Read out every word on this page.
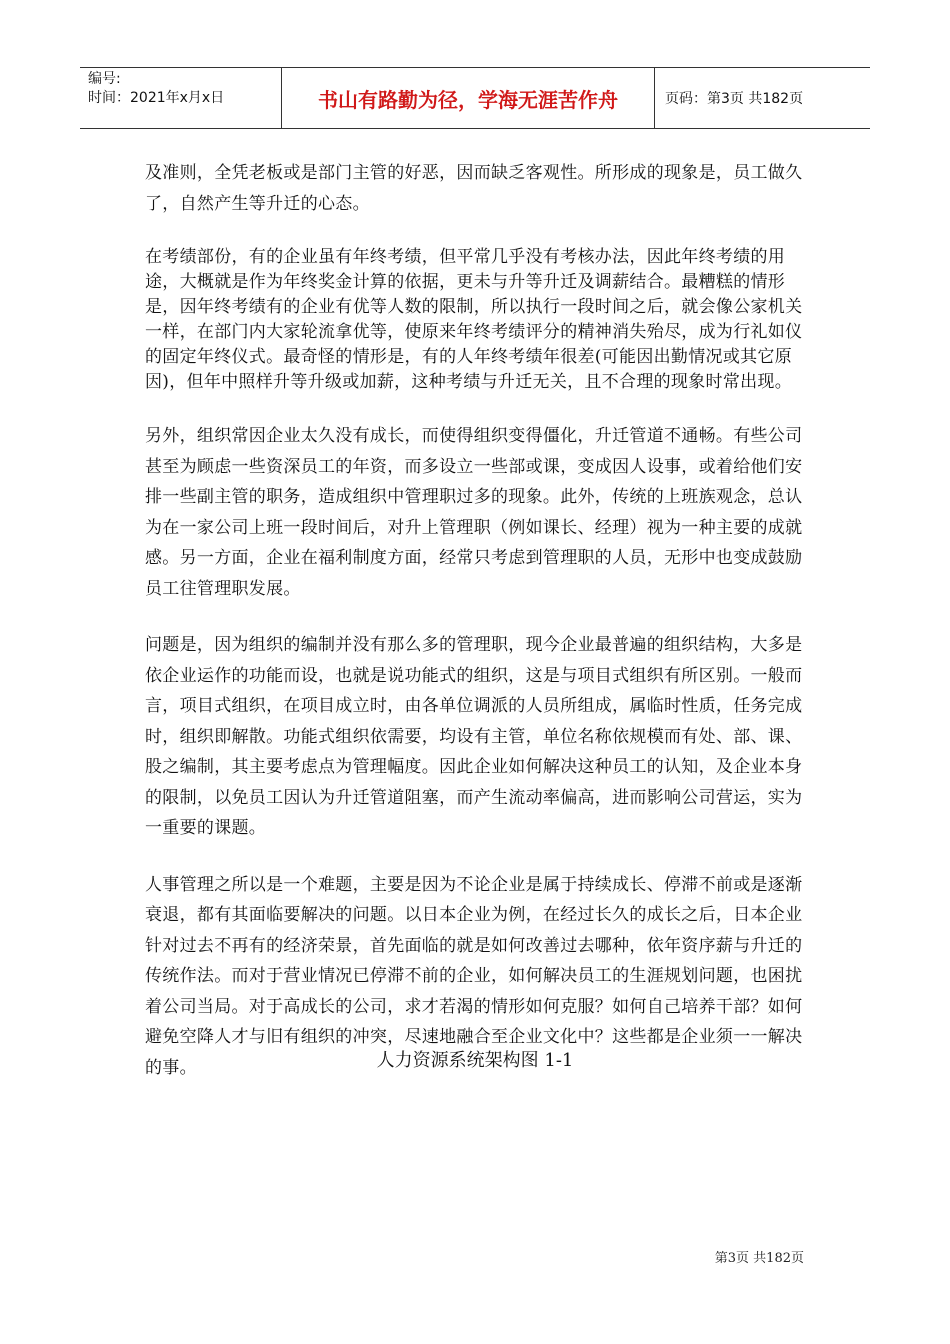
编号:
时间：2021年x月x日	书山有路勤为径，学海无涯苦作舟	页码：第3页 共182页

及准则，全凭老板或是部门主管的好恶，因而缺乏客观性。所形成的现象是，员工做久了，自然产生等升迁的心态。

在考绩部份，有的企业虽有年终考绩，但平常几乎没有考核办法，因此年终考绩的用途，大概就是作为年终奖金计算的依据，更未与升等升迁及调薪结合。最糟糕的情形是，因年终考绩有的企业有优等人数的限制，所以执行一段时间之后，就会像公家机关一样，在部门内大家轮流拿优等，使原来年终考绩评分的精神消失殆尽，成为行礼如仪的固定年终仪式。最奇怪的情形是，有的人年终考绩年很差(可能因出勤情况或其它原因)，但年中照样升等升级或加薪，这种考绩与升迁无关，且不合理的现象时常出现。

另外，组织常因企业太久没有成长，而使得组织变得僵化，升迁管道不通畅。有些公司甚至为顾虑一些资深员工的年资，而多设立一些部或课，变成因人设事，或着给他们安排一些副主管的职务，造成组织中管理职过多的现象。此外，传统的上班族观念，总认为在一家公司上班一段时间后，对升上管理职（例如课长、经理）视为一种主要的成就感。另一方面，企业在福利制度方面，经常只考虑到管理职的人员，无形中也变成鼓励员工往管理职发展。

问题是，因为组织的编制并没有那么多的管理职，现今企业最普遍的组织结构，大多是依企业运作的功能而设，也就是说功能式的组织，这是与项目式组织有所区别。一般而言，项目式组织，在项目成立时，由各单位调派的人员所组成，属临时性质，任务完成时，组织即解散。功能式组织依需要，均设有主管，单位名称依规模而有处、部、课、股之编制，其主要考虑点为管理幅度。因此企业如何解决这种员工的认知，及企业本身的限制，以免员工因认为升迁管道阻塞，而产生流动率偏高，进而影响公司营运，实为一重要的课题。

人事管理之所以是一个难题，主要是因为不论企业是属于持续成长、停滞不前或是逐渐衰退，都有其面临要解决的问题。以日本企业为例，在经过长久的成长之后，日本企业针对过去不再有的经济荣景，首先面临的就是如何改善过去哪种，依年资序薪与升迁的传统作法。而对于营业情况已停滞不前的企业，如何解决员工的生涯规划问题，也困扰着公司当局。对于高成长的公司，求才若渴的情形如何克服？如何自己培养干部？如何避免空降人才与旧有组织的冲突，尽速地融合至企业文化中？这些都是企业须一一解决的事。	人力资源系统架构图 1-1
第3页 共182页
